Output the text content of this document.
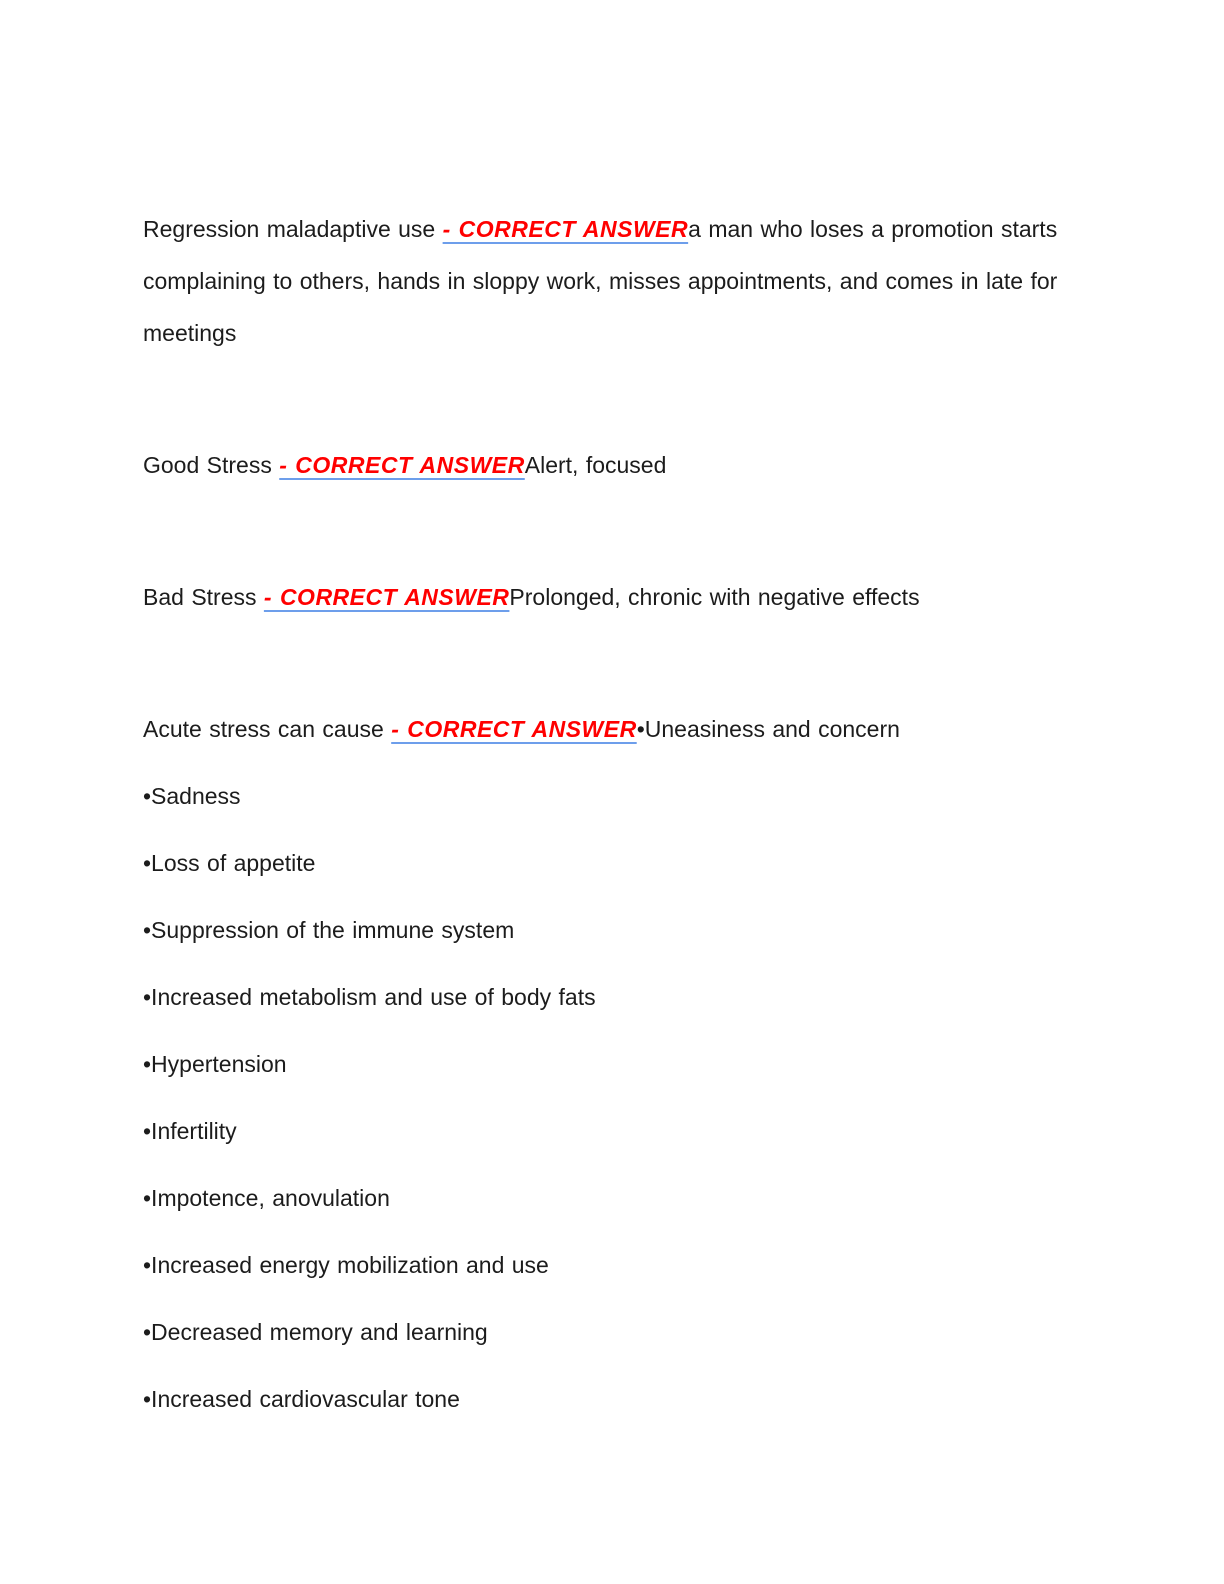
Regression maladaptive use - CORRECT ANSWERa man who loses a promotion starts complaining to others, hands in sloppy work, misses appointments, and comes in late for meetings

Good Stress - CORRECT ANSWERAlert, focused

Bad Stress - CORRECT ANSWERProlonged, chronic with negative effects

Acute stress can cause - CORRECT ANSWER•Uneasiness and concern

•Sadness

•Loss of appetite

•Suppression of the immune system

•Increased metabolism and use of body fats

•Hypertension

•Infertility

•Impotence, anovulation

•Increased energy mobilization and use

•Decreased memory and learning

•Increased cardiovascular tone
